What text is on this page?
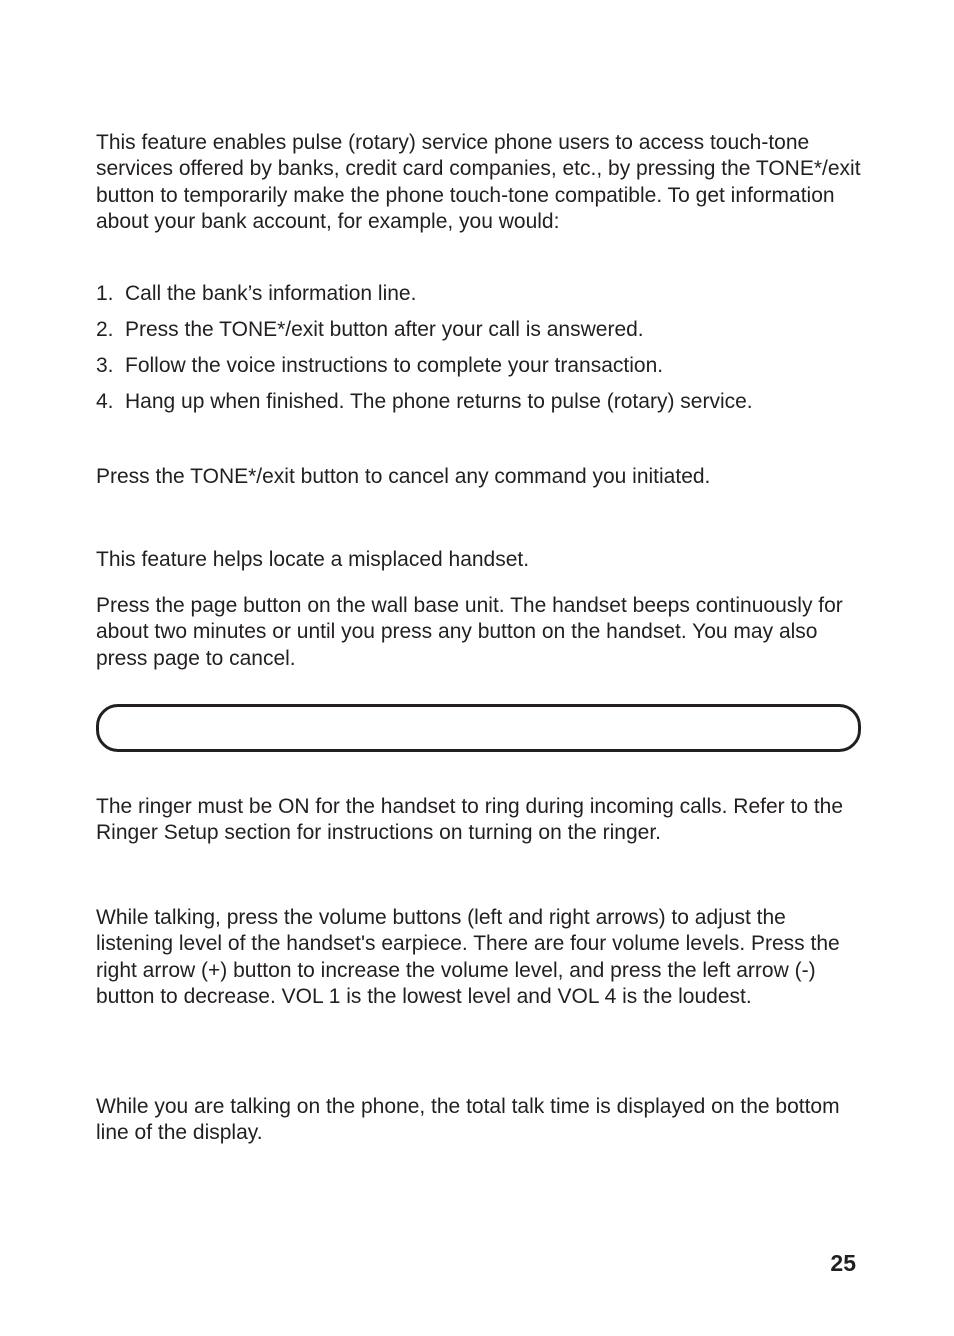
This feature enables pulse (rotary) service phone users to access touch-tone services offered by banks, credit card companies, etc., by pressing the TONE*/exit button to temporarily make the phone touch-tone compatible. To get information about your bank account, for example, you would:

1. Call the bank’s information line.
2. Press the TONE*/exit button after your call is answered.
3. Follow the voice instructions to complete your transaction.
4. Hang up when finished. The phone returns to pulse (rotary) service.

Press the TONE*/exit button to cancel any command you initiated.

This feature helps locate a misplaced handset.

Press the page button on the wall base unit. The handset beeps continuously for about two minutes or until you press any button on the handset. You may also press page to cancel.

The ringer must be ON for the handset to ring during incoming calls. Refer to the Ringer Setup section for instructions on turning on the ringer.

While talking, press the volume buttons (left and right arrows) to adjust the listening level of the handset's earpiece. There are four volume levels. Press the right arrow (+) button to increase the volume level, and press the left arrow (-) button to decrease. VOL 1 is the lowest level and VOL 4 is the loudest.

While you are talking on the phone, the total talk time is displayed on the bottom line of the display.

25
